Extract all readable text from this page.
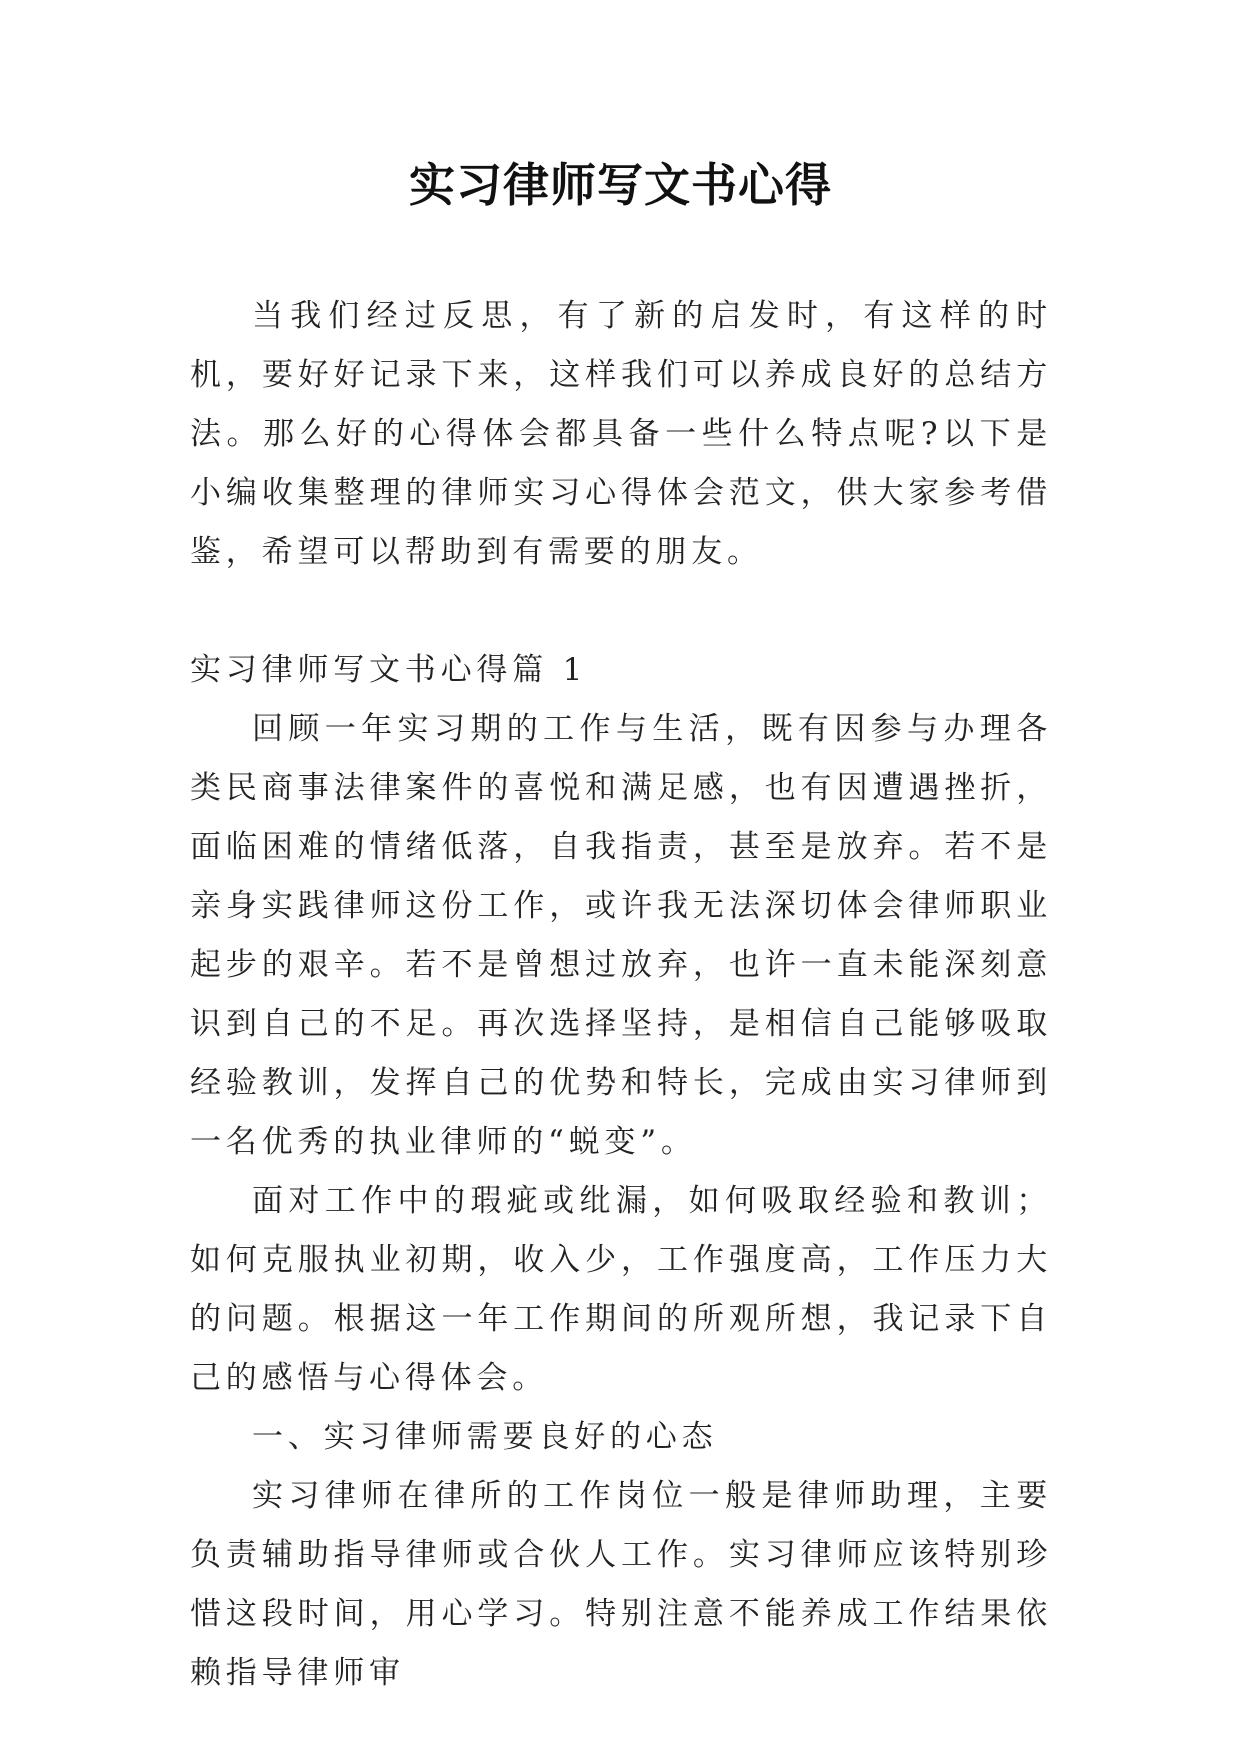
实习律师写文书心得

当我们经过反思，有了新的启发时，有这样的时机，要好好记录下来，这样我们可以养成良好的总结方法。那么好的心得体会都具备一些什么特点呢?以下是小编收集整理的律师实习心得体会范文，供大家参考借鉴，希望可以帮助到有需要的朋友。

实习律师写文书心得篇 1

回顾一年实习期的工作与生活，既有因参与办理各类民商事法律案件的喜悦和满足感，也有因遭遇挫折，面临困难的情绪低落，自我指责，甚至是放弃。若不是亲身实践律师这份工作，或许我无法深切体会律师职业起步的艰辛。若不是曾想过放弃，也许一直未能深刻意识到自己的不足。再次选择坚持，是相信自己能够吸取经验教训，发挥自己的优势和特长，完成由实习律师到一名优秀的执业律师的“蜕变”。

面对工作中的瑕疵或纰漏，如何吸取经验和教训；如何克服执业初期，收入少，工作强度高，工作压力大的问题。根据这一年工作期间的所观所想，我记录下自己的感悟与心得体会。

一、实习律师需要良好的心态

实习律师在律所的工作岗位一般是律师助理，主要负责辅助指导律师或合伙人工作。实习律师应该特别珍惜这段时间，用心学习。特别注意不能养成工作结果依赖指导律师审
